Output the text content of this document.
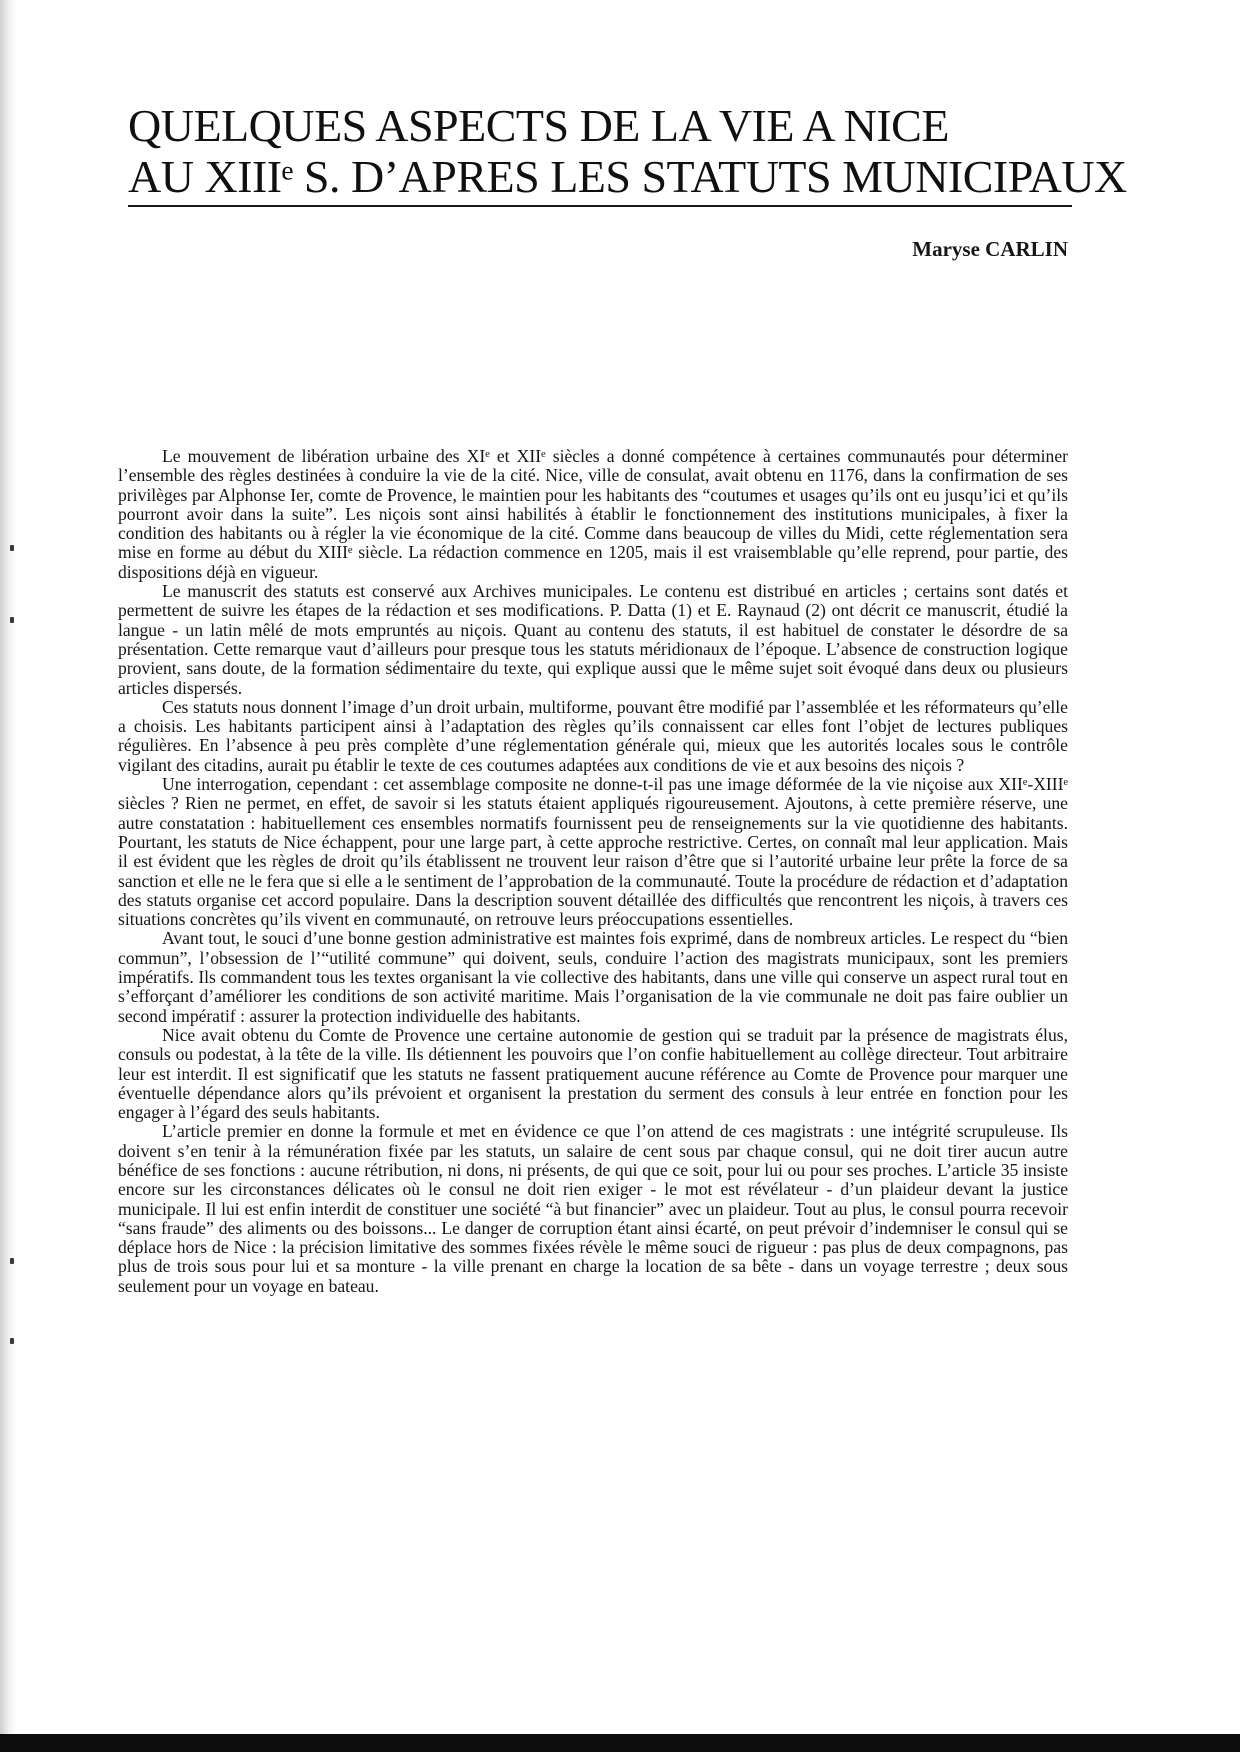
QUELQUES ASPECTS DE LA VIE A NICE
AU XIIIᵉ S. D’APRES LES STATUTS MUNICIPAUX
Maryse CARLIN

Le mouvement de libération urbaine des XIᵉ et XIIᵉ siècles a donné compétence à certaines communautés pour déterminer l’ensemble des règles destinées à conduire la vie de la cité. Nice, ville de consulat, avait obtenu en 1176, dans la confirmation de ses privilèges par Alphonse Ier, comte de Provence, le maintien pour les habitants des “coutumes et usages qu’ils ont eu jusqu’ici et qu’ils pourront avoir dans la suite”. Les niçois sont ainsi habilités à établir le fonctionnement des institutions municipales, à fixer la condition des habitants ou à régler la vie économique de la cité. Comme dans beaucoup de villes du Midi, cette réglementation sera mise en forme au début du XIIIᵉ siècle. La rédaction commence en 1205, mais il est vraisemblable qu’elle reprend, pour partie, des dispositions déjà en vigueur.

Le manuscrit des statuts est conservé aux Archives municipales. Le contenu est distribué en articles ; certains sont datés et permettent de suivre les étapes de la rédaction et ses modifications. P. Datta (1) et E. Raynaud (2) ont décrit ce manuscrit, étudié la langue - un latin mêlé de mots empruntés au niçois. Quant au contenu des statuts, il est habituel de constater le désordre de sa présentation. Cette remarque vaut d’ailleurs pour presque tous les statuts méridionaux de l’époque. L’absence de construction logique provient, sans doute, de la formation sédimentaire du texte, qui explique aussi que le même sujet soit évoqué dans deux ou plusieurs articles dispersés.

Ces statuts nous donnent l’image d’un droit urbain, multiforme, pouvant être modifié par l’assemblée et les réformateurs qu’elle a choisis. Les habitants participent ainsi à l’adaptation des règles qu’ils connaissent car elles font l’objet de lectures publiques régulières. En l’absence à peu près complète d’une réglementation générale qui, mieux que les autorités locales sous le contrôle vigilant des citadins, aurait pu établir le texte de ces coutumes adaptées aux conditions de vie et aux besoins des niçois ?

Une interrogation, cependant : cet assemblage composite ne donne-t-il pas une image déformée de la vie niçoise aux XIIᵉ-XIIIᵉ siècles ? Rien ne permet, en effet, de savoir si les statuts étaient appliqués rigoureusement. Ajoutons, à cette première réserve, une autre constatation : habituellement ces ensembles normatifs fournissent peu de renseignements sur la vie quotidienne des habitants. Pourtant, les statuts de Nice échappent, pour une large part, à cette approche restrictive. Certes, on connaît mal leur application. Mais il est évident que les règles de droit qu’ils établissent ne trouvent leur raison d’être que si l’autorité urbaine leur prête la force de sa sanction et elle ne le fera que si elle a le sentiment de l’approbation de la communauté. Toute la procédure de rédaction et d’adaptation des statuts organise cet accord populaire. Dans la description souvent détaillée des difficultés que rencontrent les niçois, à travers ces situations concrètes qu’ils vivent en communauté, on retrouve leurs préoccupations essentielles.

Avant tout, le souci d’une bonne gestion administrative est maintes fois exprimé, dans de nombreux articles. Le respect du “bien commun”, l’obsession de l’“utilité commune” qui doivent, seuls, conduire l’action des magistrats municipaux, sont les premiers impératifs. Ils commandent tous les textes organisant la vie collective des habitants, dans une ville qui conserve un aspect rural tout en s’efforçant d’améliorer les conditions de son activité maritime. Mais l’organisation de la vie communale ne doit pas faire oublier un second impératif : assurer la protection individuelle des habitants.

Nice avait obtenu du Comte de Provence une certaine autonomie de gestion qui se traduit par la présence de magistrats élus, consuls ou podestat, à la tête de la ville. Ils détiennent les pouvoirs que l’on confie habituellement au collège directeur. Tout arbitraire leur est interdit. Il est significatif que les statuts ne fassent pratiquement aucune référence au Comte de Provence pour marquer une éventuelle dépendance alors qu’ils prévoient et organisent la prestation du serment des consuls à leur entrée en fonction pour les engager à l’égard des seuls habitants.

L’article premier en donne la formule et met en évidence ce que l’on attend de ces magistrats : une intégrité scrupuleuse. Ils doivent s’en tenir à la rémunération fixée par les statuts, un salaire de cent sous par chaque consul, qui ne doit tirer aucun autre bénéfice de ses fonctions : aucune rétribution, ni dons, ni présents, de qui que ce soit, pour lui ou pour ses proches. L’article 35 insiste encore sur les circonstances délicates où le consul ne doit rien exiger - le mot est révélateur - d’un plaideur devant la justice municipale. Il lui est enfin interdit de constituer une société “à but financier” avec un plaideur. Tout au plus, le consul pourra recevoir “sans fraude” des aliments ou des boissons... Le danger de corruption étant ainsi écarté, on peut prévoir d’indemniser le consul qui se déplace hors de Nice : la précision limitative des sommes fixées révèle le même souci de rigueur : pas plus de deux compagnons, pas plus de trois sous pour lui et sa monture - la ville prenant en charge la location de sa bête - dans un voyage terrestre ; deux sous seulement pour un voyage en bateau.
